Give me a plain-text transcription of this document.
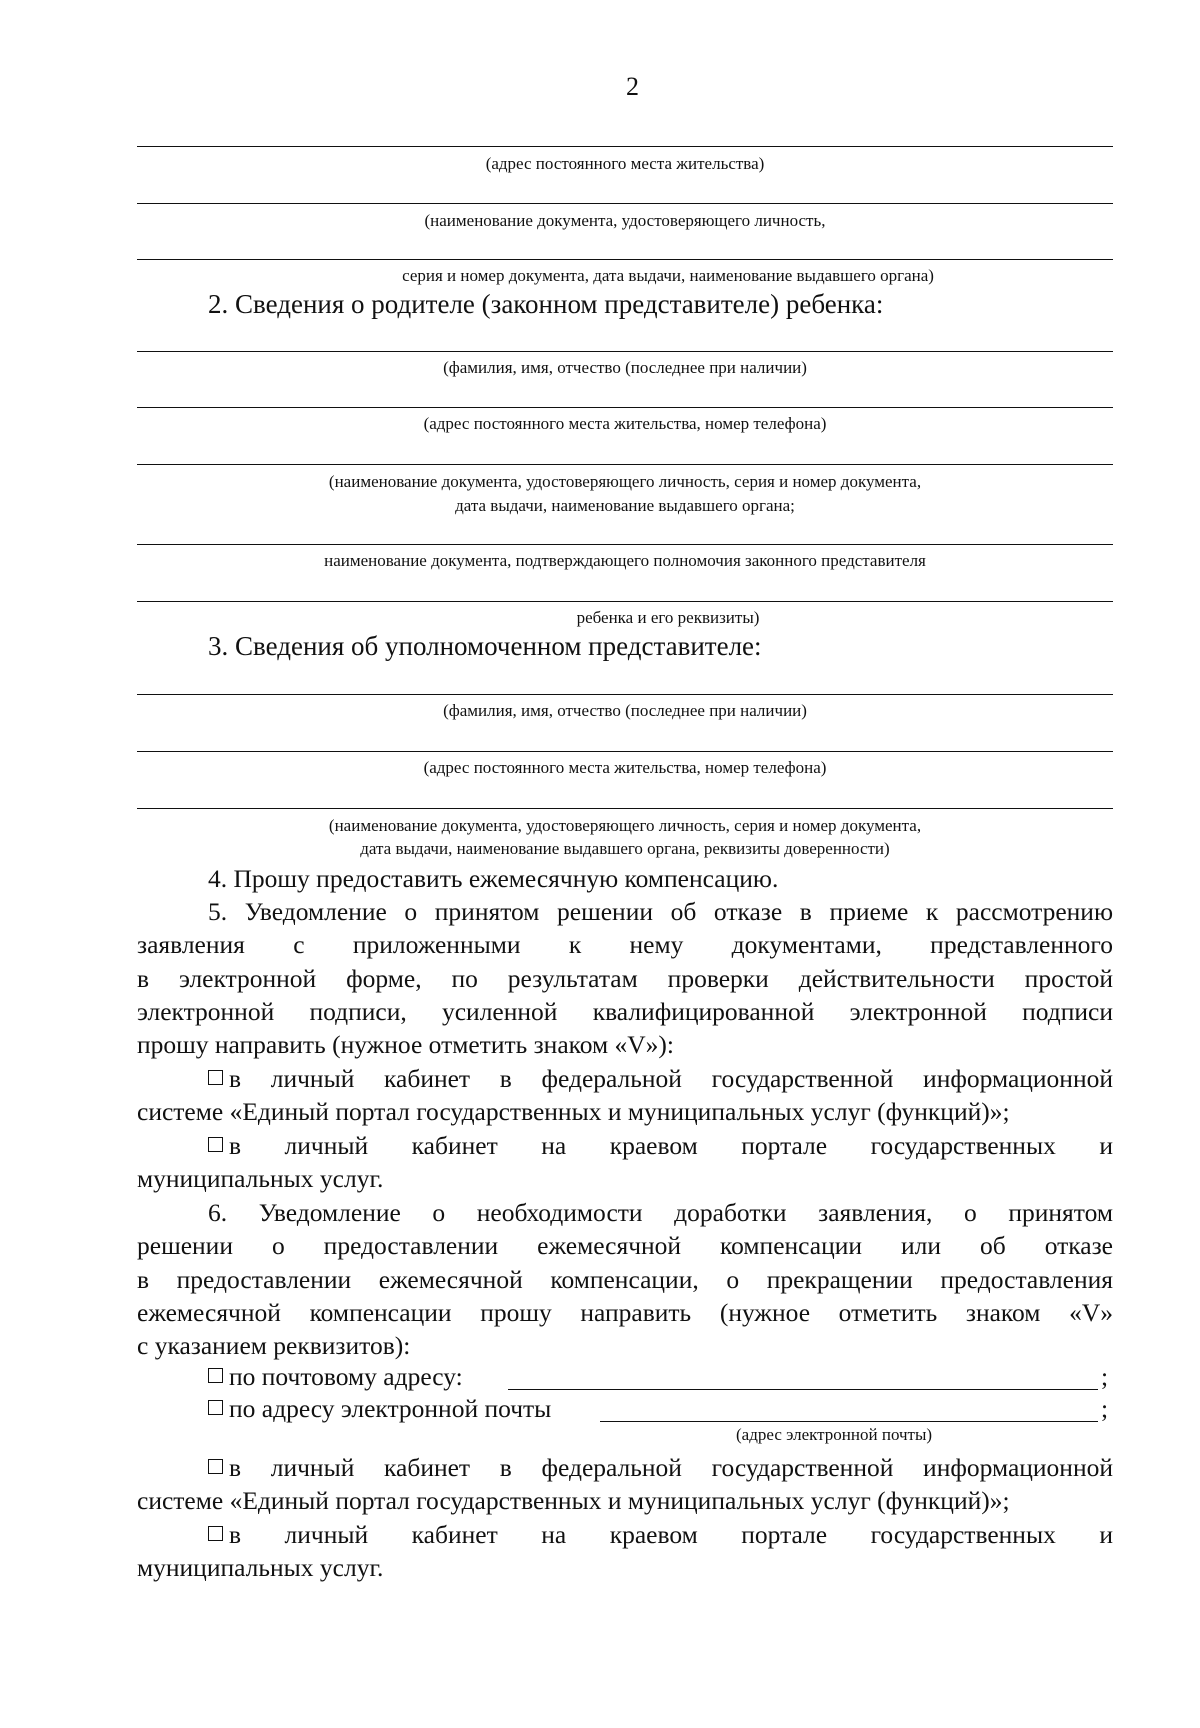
2
(адрес постоянного места жительства)
(наименование документа, удостоверяющего личность,
серия и номер документа, дата выдачи, наименование выдавшего органа)
2. Сведения о родителе (законном представителе) ребенка:
(фамилия, имя, отчество (последнее при наличии)
(адрес постоянного места жительства, номер телефона)
(наименование документа, удостоверяющего личность, серия и номер документа,
дата выдачи, наименование выдавшего органа;
наименование документа, подтверждающего полномочия законного представителя
ребенка и его реквизиты)
3. Сведения об уполномоченном представителе:
(фамилия, имя, отчество (последнее при наличии)
(адрес постоянного места жительства, номер телефона)
(наименование документа, удостоверяющего личность, серия и номер документа,
дата выдачи, наименование выдавшего органа, реквизиты доверенности)
4. Прошу предоставить ежемесячную компенсацию.
5. Уведомление о принятом решении об отказе в приеме к рассмотрению
заявления с приложенными к нему документами, представленного
в электронной форме, по результатам проверки действительности простой
электронной подписи, усиленной квалифицированной электронной подписи
прошу направить (нужное отметить знаком «V»):
в личный кабинет в федеральной государственной информационной
системе «Единый портал государственных и муниципальных услуг (функций)»;
в личный кабинет на краевом портале государственных и
муниципальных услуг.
6. Уведомление о необходимости доработки заявления, о принятом
решении о предоставлении ежемесячной компенсации или об отказе
в предоставлении ежемесячной компенсации, о прекращении предоставления
ежемесячной компенсации прошу направить (нужное отметить знаком «V»
с указанием реквизитов):
по почтовому адресу:	;
по адресу электронной почты	;
(адрес электронной почты)
в личный кабинет в федеральной государственной информационной
системе «Единый портал государственных и муниципальных услуг (функций)»;
в личный кабинет на краевом портале государственных и
муниципальных услуг.
